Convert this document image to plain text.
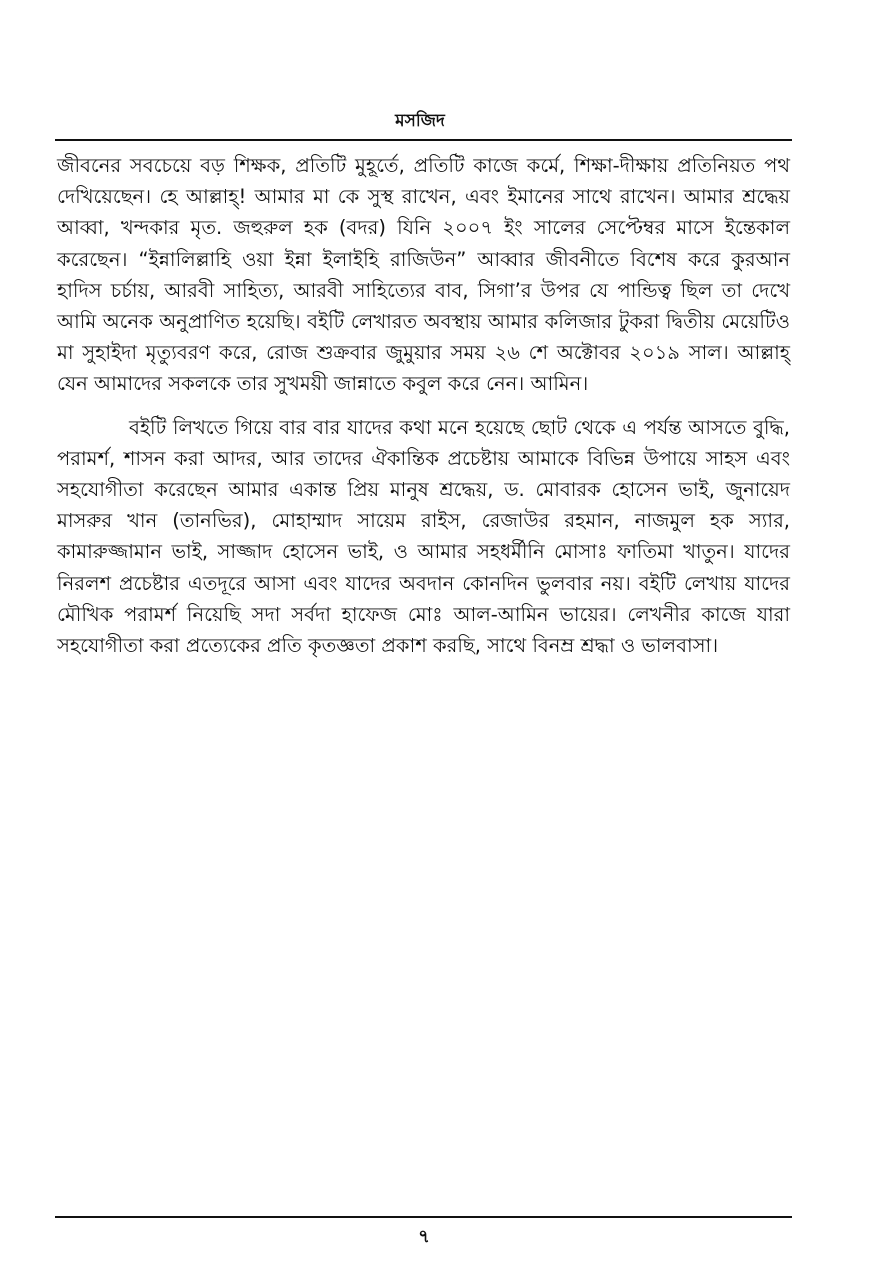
মসজিদ

জীবনের সবচেয়ে বড় শিক্ষক, প্রতিটি মুহূর্তে, প্রতিটি কাজে কর্মে, শিক্ষা-দীক্ষায় প্রতিনিয়ত পথ দেখিয়েছেন। হে আল্লাহ্‌! আমার মা কে সুস্থ রাখেন, এবং ইমানের সাথে রাখেন। আমার শ্রদ্ধেয় আব্বা, খন্দকার মৃত. জহুরুল হক (বদর) যিনি ২০০৭ ইং সালের সেপ্টেম্বর মাসে ইন্তেকাল করেছেন। “ইন্নালিল্লাহি ওয়া ইন্না ইলাইহি রাজিউন” আব্বার জীবনীতে বিশেষ করে কুরআন হাদিস চর্চায়, আরবী সাহিত্য, আরবী সাহিত্যের বাব, সিগা’র উপর যে পান্ডিত্ব ছিল তা দেখে আমি অনেক অনুপ্রাণিত হয়েছি। বইটি লেখারত অবস্থায় আমার কলিজার টুকরা দ্বিতীয় মেয়েটিও মা সুহাইদা মৃত্যুবরণ করে, রোজ শুক্রবার জুমুয়ার সময় ২৬ শে অক্টোবর ২০১৯ সাল। আল্লাহ্‌ যেন আমাদের সকলকে তার সুখময়ী জান্নাতে কবুল করে নেন। আমিন।

বইটি লিখতে গিয়ে বার বার যাদের কথা মনে হয়েছে ছোট থেকে এ পর্যন্ত আসতে বুদ্ধি, পরামর্শ, শাসন করা আদর, আর তাদের ঐকান্তিক প্রচেষ্টায় আমাকে বিভিন্ন উপায়ে সাহস এবং সহযোগীতা করেছেন আমার একান্ত প্রিয় মানুষ শ্রদ্ধেয়, ড. মোবারক হোসেন ভাই, জুনায়েদ মাসরুর খান (তানভির), মোহাম্মাদ সায়েম রাইস, রেজাউর রহমান, নাজমুল হক স্যার, কামারুজ্জামান ভাই, সাজ্জাদ হোসেন ভাই, ও আমার সহধর্মীনি মোসাঃ ফাতিমা খাতুন। যাদের নিরলশ প্রচেষ্টার এতদূরে আসা এবং যাদের অবদান কোনদিন ভুলবার নয়। বইটি লেখায় যাদের মৌখিক পরামর্শ নিয়েছি সদা সর্বদা হাফেজ মোঃ আল-আমিন ভায়ের। লেখনীর কাজে যারা সহযোগীতা করা প্রত্যেকের প্রতি কৃতজ্ঞতা প্রকাশ করছি, সাথে বিনম্র শ্রদ্ধা ও ভালবাসা।

৭
